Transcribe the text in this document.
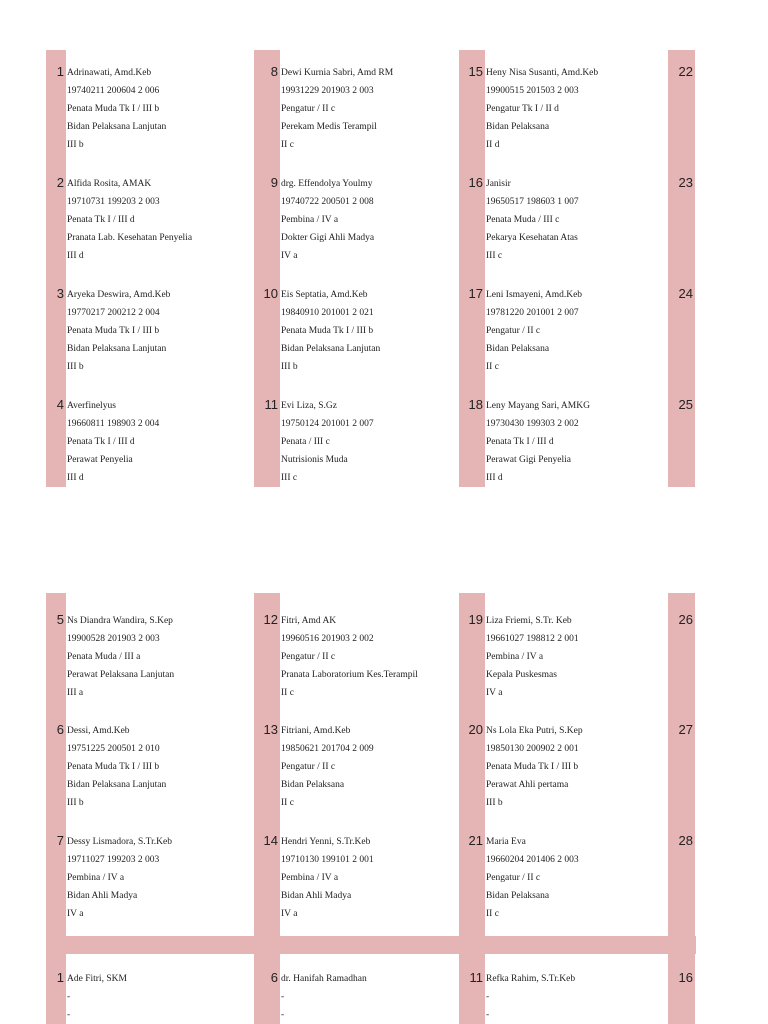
1 Adrinawati, Amd.Keb
19740211 200604 2 006
Penata Muda Tk I / III b
Bidan Pelaksana Lanjutan
III b
2 Alfida Rosita, AMAK
19710731 199203 2 003
Penata Tk I / III d
Pranata Lab. Kesehatan Penyelia
III d
3 Aryeka Deswira, Amd.Keb
19770217 200212 2 004
Penata Muda Tk I / III b
Bidan Pelaksana Lanjutan
III b
4 Averfinelyus
19660811 198903 2 004
Penata Tk I / III d
Perawat Penyelia
III d
8 Dewi Kurnia Sabri, Amd RM
19931229 201903 2 003
Pengatur / II c
Perekam Medis Terampil
II c
9 drg. Effendolya Youlmy
19740722 200501 2 008
Pembina / IV a
Dokter Gigi Ahli Madya
IV a
10 Eis Septatia, Amd.Keb
19840910 201001 2 021
Penata Muda Tk I / III b
Bidan Pelaksana Lanjutan
III b
11 Evi Liza, S.Gz
19750124 201001 2 007
Penata / III c
Nutrisionis Muda
III c
15 Heny Nisa Susanti, Amd.Keb
19900515 201503 2 003
Pengatur Tk I / II d
Bidan Pelaksana
II d
16 Janisir
19650517 198603 1 007
Penata Muda / III c
Pekarya Kesehatan Atas
III c
17 Leni Ismayeni, Amd.Keb
19781220 201001 2 007
Pengatur / II c
Bidan Pelaksana
II c
18 Leny Mayang Sari, AMKG
19730430 199303 2 002
Penata Tk I / III d
Perawat Gigi Penyelia
III d
22
23
24
25
5 Ns Diandra Wandira, S.Kep
19900528 201903 2 003
Penata Muda / III a
Perawat Pelaksana Lanjutan
III a
6 Dessi, Amd.Keb
19751225 200501 2 010
Penata Muda Tk I / III b
Bidan Pelaksana Lanjutan
III b
7 Dessy Lismadora, S.Tr.Keb
19711027 199203 2 003
Pembina / IV a
Bidan Ahli Madya
IV a
12 Fitri, Amd AK
19960516 201903 2 002
Pengatur / II c
Pranata Laboratorium Kes.Terampil
II c
13 Fitriani, Amd.Keb
19850621 201704 2 009
Pengatur / II c
Bidan Pelaksana
II c
14 Hendri Yenni, S.Tr.Keb
19710130 199101 2 001
Pembina / IV a
Bidan Ahli Madya
IV a
19 Liza Friemi, S.Tr. Keb
19661027 198812 2 001
Pembina / IV a
Kepala Puskesmas
IV a
20 Ns Lola Eka Putri, S.Kep
19850130 200902 2 001
Penata Muda Tk I / III b
Perawat Ahli pertama
III b
21 Maria Eva
19660204 201406 2 003
Pengatur / II c
Bidan Pelaksana
II c
26
27
28
1 Ade Fitri, SKM
-
-
6 dr. Hanifah Ramadhan
-
-
11 Refka Rahim, S.Tr.Keb
-
-
16
